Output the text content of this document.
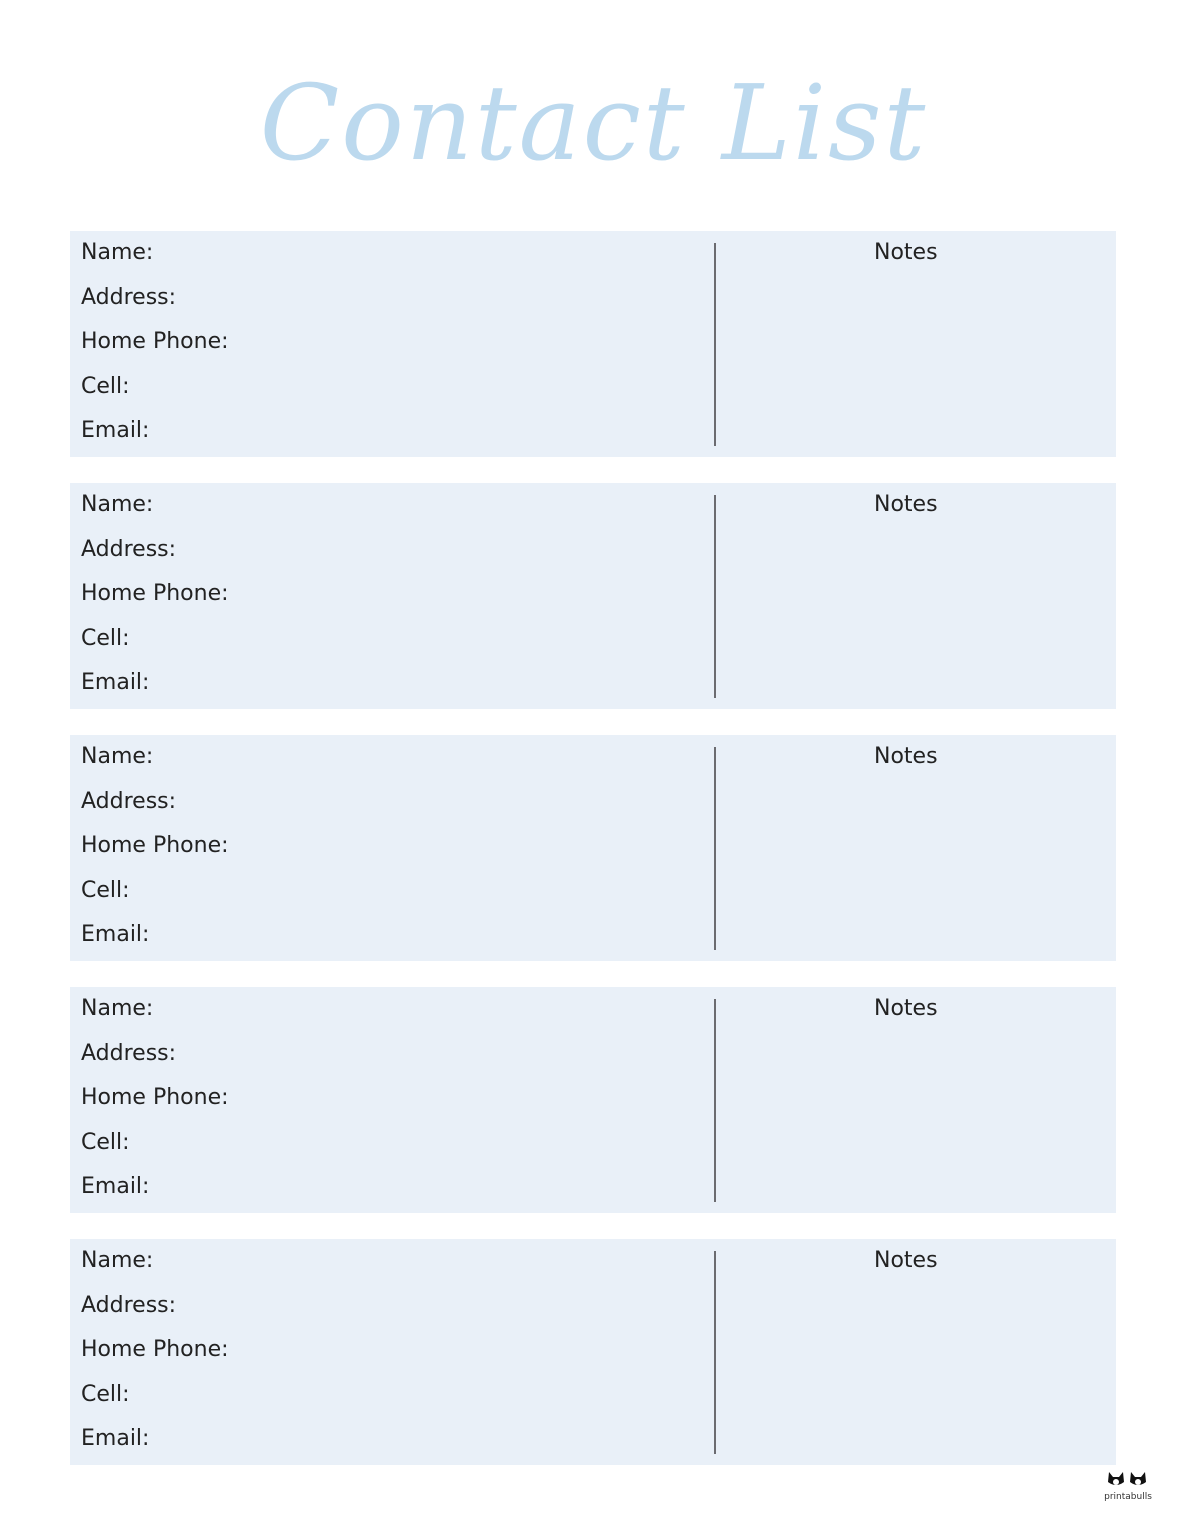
Contact List
Name:
Address:
Home Phone:
Cell:
Email:
Notes
Name:
Address:
Home Phone:
Cell:
Email:
Notes
Name:
Address:
Home Phone:
Cell:
Email:
Notes
Name:
Address:
Home Phone:
Cell:
Email:
Notes
Name:
Address:
Home Phone:
Cell:
Email:
Notes
printabulls
